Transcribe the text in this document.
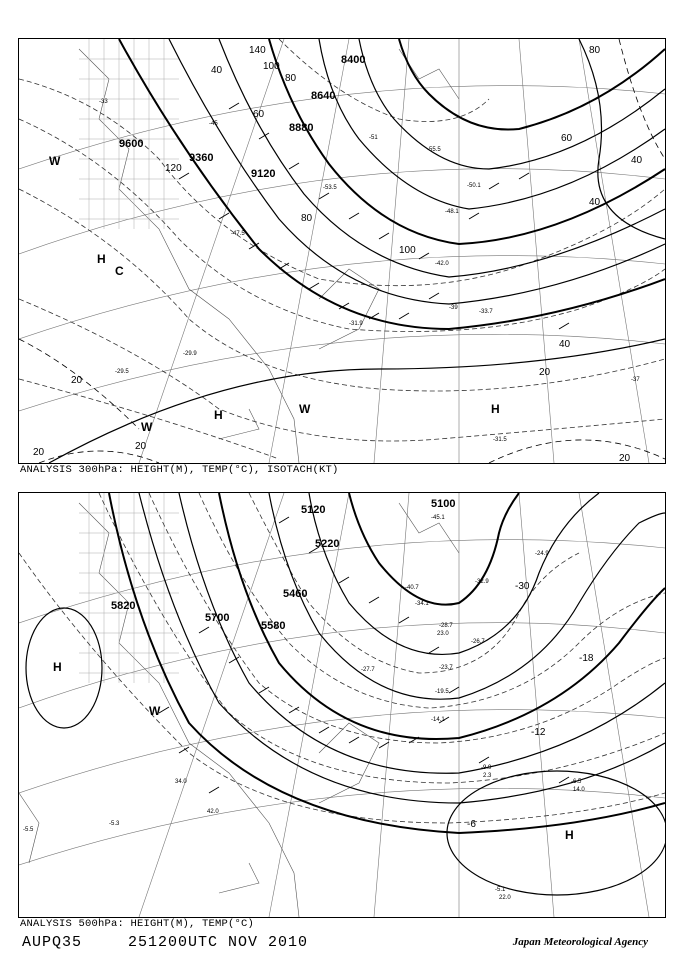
9600
9360
9120
8880
8640
8400
140
100
80
60
40
20
120
100
80
60
40
80
40
20
40
20
20
20
-33
-39
-45
-51
-53.5
-47.5
-42.0
-33.7
-31.5
-29.9
-29.5
-55.5
-48.1
-50.1
-31.9
-37
H
H	H
W
W
W
C
ANALYSIS 300hPa: HEIGHT(M), TEMP(°C), ISOTACH(KT)
5100
5120
5220
5460
5580
5700
5820
-30
-18
-12
-6
-45.1
-40.7
-34.1
-28.7
-23.7
-19.5
-14.1
-9.9
-5.1
-6.5
-26.7
-24.9
-32.9
-5.3
-27.7
-5.5
23.0
22.0
42.0
34.0
2.3
14.0
H
H
W
ANALYSIS 500hPa: HEIGHT(M), TEMP(°C)
AUPQ35	251200UTC NOV 2010	Japan Meteorological Agency
